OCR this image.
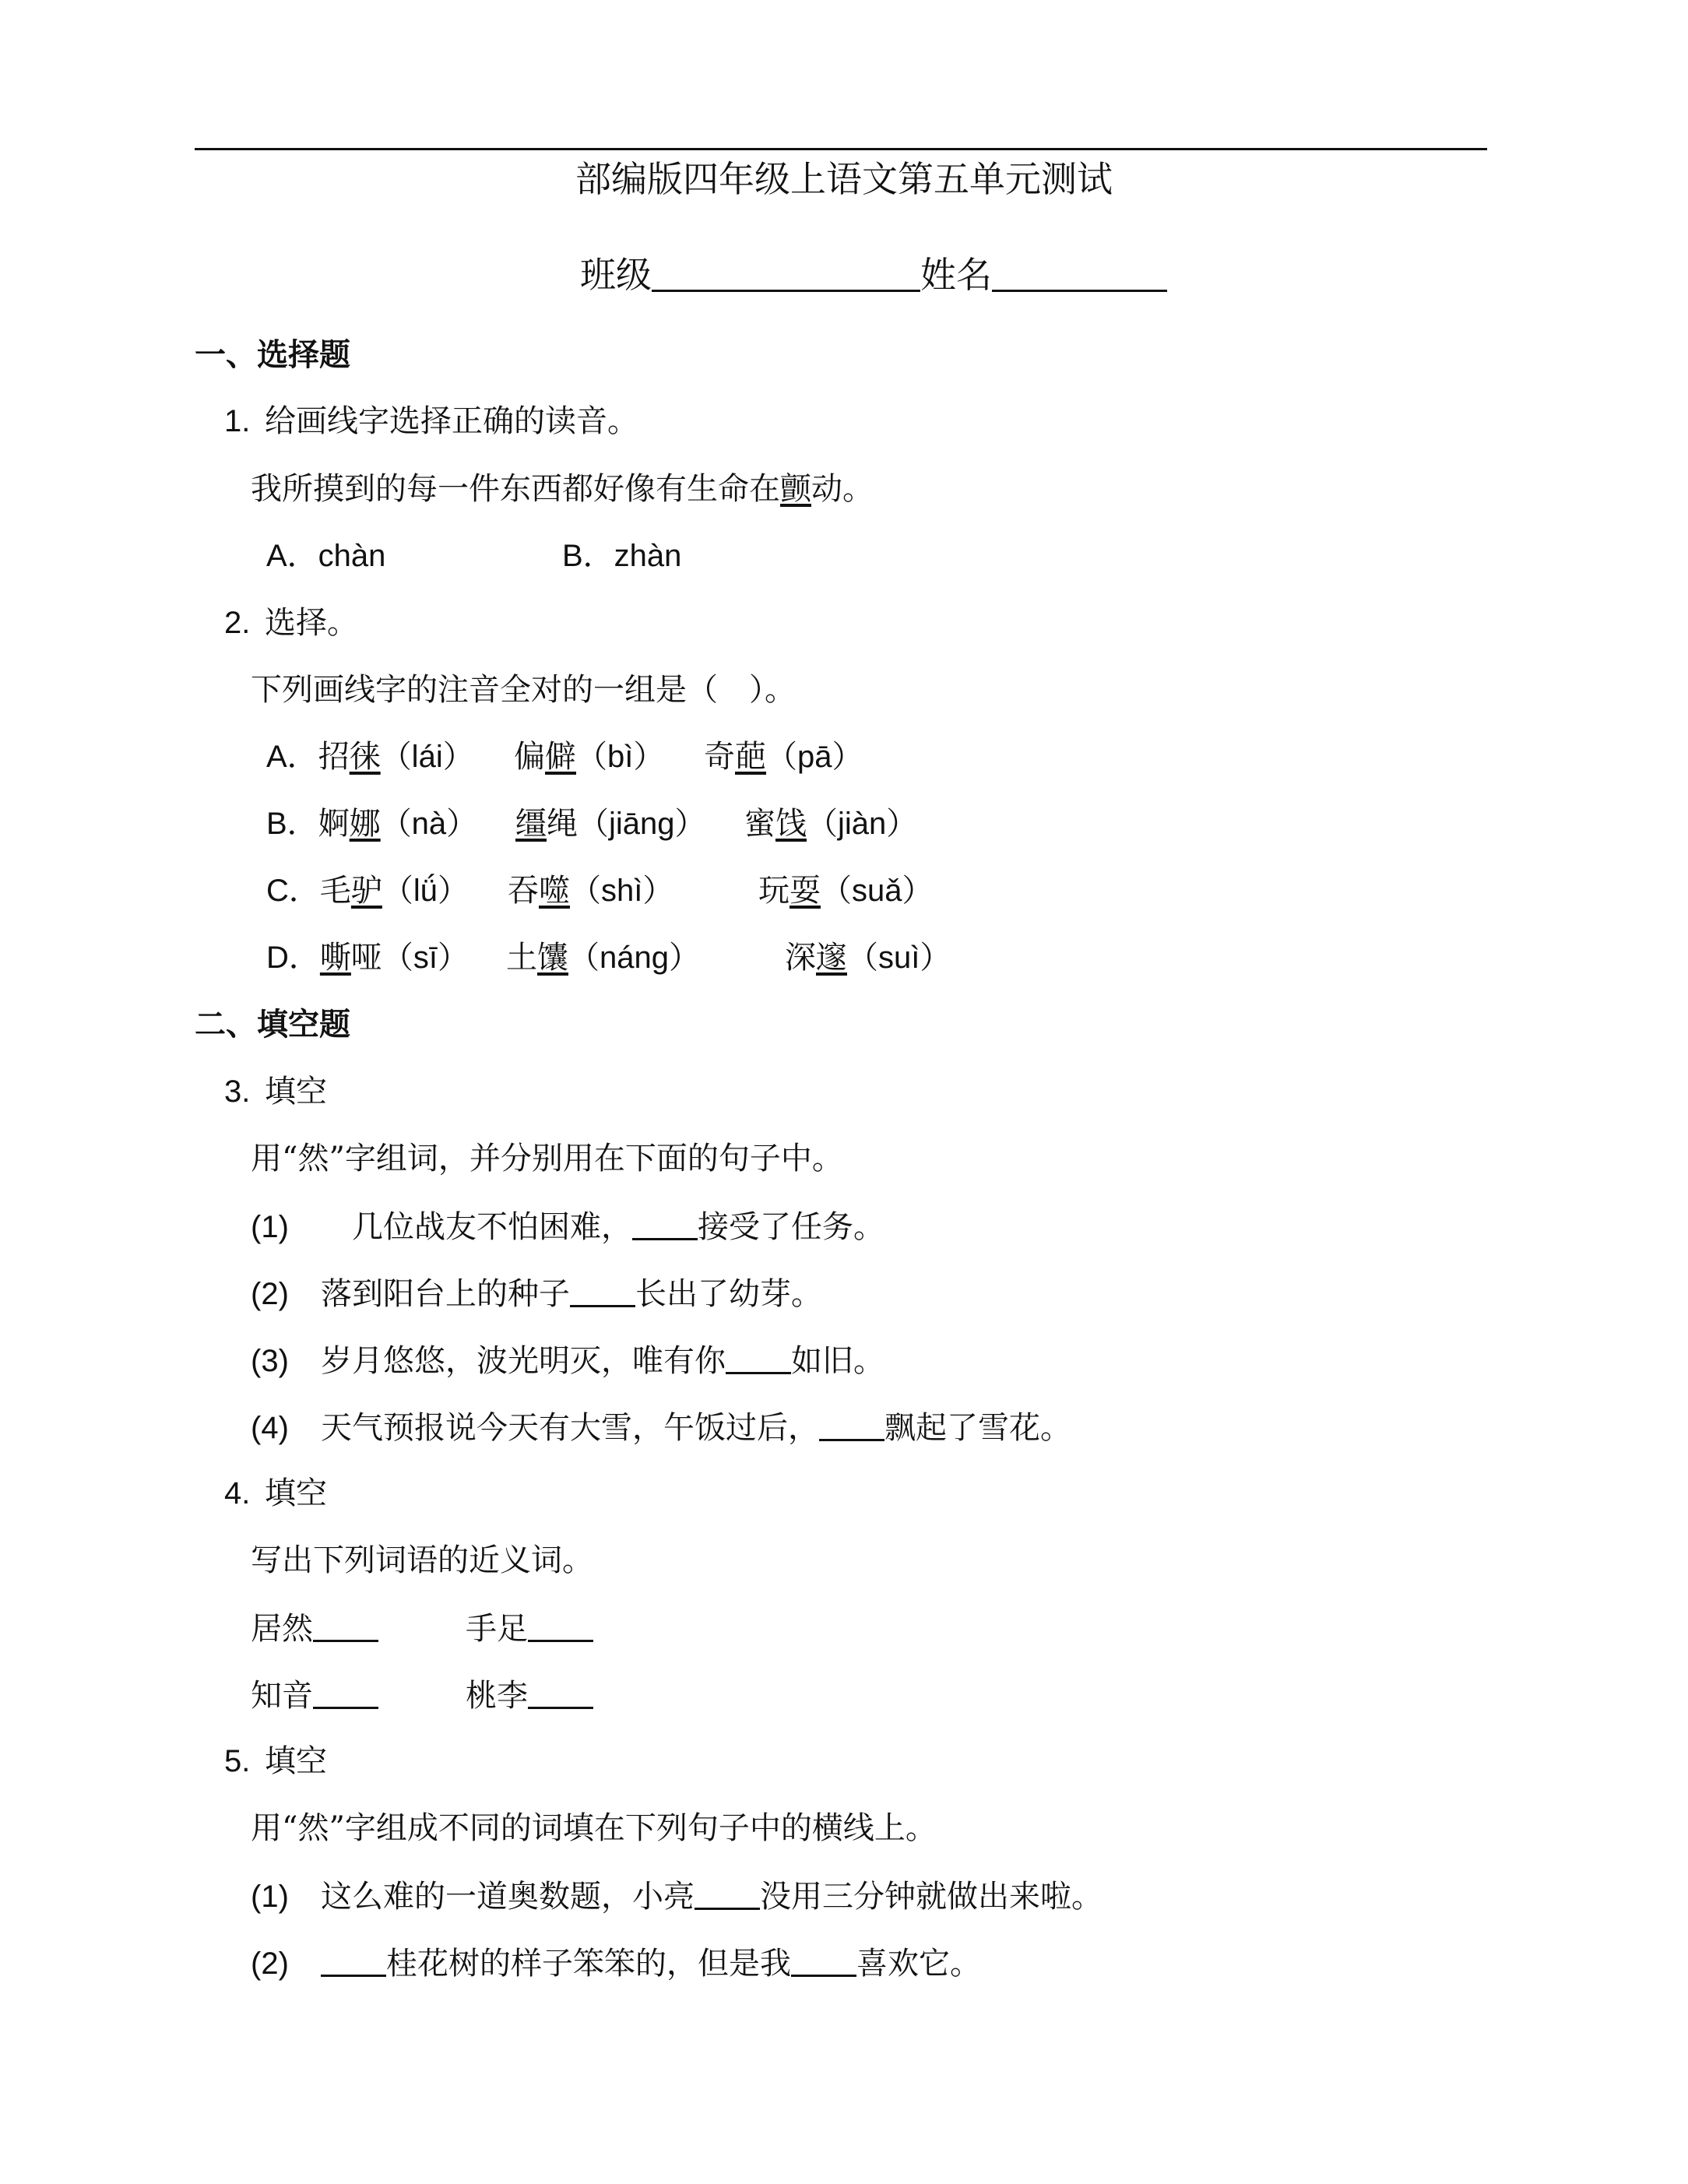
部编版四年级上语文第五单元测试
班级	姓名
一、选择题
1. 给画线字选择正确的读音。
我所摸到的每一件东西都好像有生命在颤动。
A．chàn	B．zhàn
2. 选择。
下列画线字的注音全对的一组是（　）。
A．招徕（lái） 偏僻（bì） 奇葩（pā）
B．婀娜（nà） 缰绳（jiāng） 蜜饯（jiàn）
C．毛驴（lǘ） 吞噬（shì）	玩耍（suǎ）
D．嘶哑（sī） 土馕（náng）	深邃（suì）
二、填空题
3. 填空
用“然”字组词，并分别用在下面的句子中。
(1) 几位战友不怕困难， 接受了任务。
(2) 落到阳台上的种子 长出了幼芽。
(3) 岁月悠悠，波光明灭，唯有你 如旧。
(4) 天气预报说今天有大雪，午饭过后， 飘起了雪花。
4. 填空
写出下列词语的近义词。
居然	手足
知音	桃李
5. 填空
用“然”字组成不同的词填在下列句子中的横线上。
(1) 这么难的一道奥数题，小亮 没用三分钟就做出来啦。
(2)	桂花树的样子笨笨的，但是我 喜欢它。
